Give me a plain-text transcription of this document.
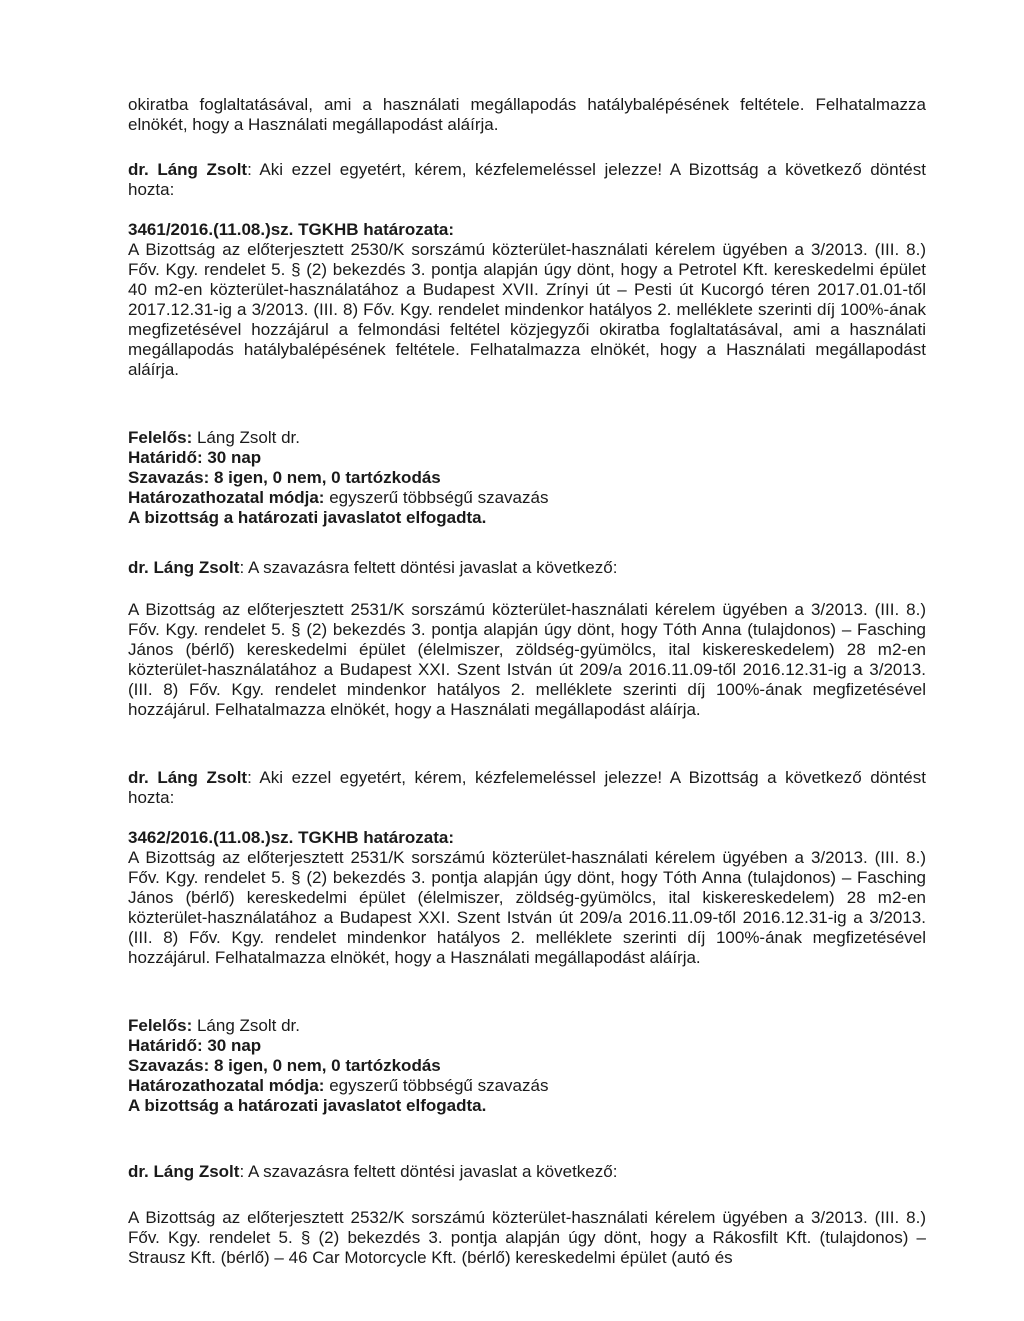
okiratba foglaltatásával, ami a használati megállapodás hatálybalépésének feltétele. Felhatalmazza elnökét, hogy a Használati megállapodást aláírja.

dr. Láng Zsolt: Aki ezzel egyetért, kérem, kézfelemeléssel jelezze! A Bizottság a következő döntést hozta:

3461/2016.(11.08.)sz. TGKHB határozata:

A Bizottság az előterjesztett 2530/K sorszámú közterület-használati kérelem ügyében a 3/2013. (III. 8.) Főv. Kgy. rendelet 5. § (2) bekezdés 3. pontja alapján úgy dönt, hogy a Petrotel Kft. kereskedelmi épület 40 m2-en közterület-használatához a Budapest XVII. Zrínyi út – Pesti út Kucorgó téren 2017.01.01-től 2017.12.31-ig a 3/2013. (III. 8) Főv. Kgy. rendelet mindenkor hatályos 2. melléklete szerinti díj 100%-ának megfizetésével hozzájárul a felmondási feltétel közjegyzői okiratba foglaltatásával, ami a használati megállapodás hatálybalépésének feltétele. Felhatalmazza elnökét, hogy a Használati megállapodást aláírja.

Felelős: Láng Zsolt dr.

Határidő: 30 nap

Szavazás: 8 igen, 0 nem, 0 tartózkodás

Határozathozatal módja: egyszerű többségű szavazás

A bizottság a határozati javaslatot elfogadta.

dr. Láng Zsolt: A szavazásra feltett döntési javaslat a következő:

A Bizottság az előterjesztett 2531/K sorszámú közterület-használati kérelem ügyében a 3/2013. (III. 8.) Főv. Kgy. rendelet 5. § (2) bekezdés 3. pontja alapján úgy dönt, hogy Tóth Anna (tulajdonos) – Fasching János (bérlő) kereskedelmi épület (élelmiszer, zöldség-gyümölcs, ital kiskereskedelem) 28 m2-en közterület-használatához a Budapest XXI. Szent István út 209/a 2016.11.09-től 2016.12.31-ig a 3/2013. (III. 8) Főv. Kgy. rendelet mindenkor hatályos 2. melléklete szerinti díj 100%-ának megfizetésével hozzájárul. Felhatalmazza elnökét, hogy a Használati megállapodást aláírja.

dr. Láng Zsolt: Aki ezzel egyetért, kérem, kézfelemeléssel jelezze! A Bizottság a következő döntést hozta:

3462/2016.(11.08.)sz. TGKHB határozata:

A Bizottság az előterjesztett 2531/K sorszámú közterület-használati kérelem ügyében a 3/2013. (III. 8.) Főv. Kgy. rendelet 5. § (2) bekezdés 3. pontja alapján úgy dönt, hogy Tóth Anna (tulajdonos) – Fasching János (bérlő) kereskedelmi épület (élelmiszer, zöldség-gyümölcs, ital kiskereskedelem) 28 m2-en közterület-használatához a Budapest XXI. Szent István út 209/a 2016.11.09-től 2016.12.31-ig a 3/2013. (III. 8) Főv. Kgy. rendelet mindenkor hatályos 2. melléklete szerinti díj 100%-ának megfizetésével hozzájárul. Felhatalmazza elnökét, hogy a Használati megállapodást aláírja.

Felelős: Láng Zsolt dr.

Határidő: 30 nap

Szavazás: 8 igen, 0 nem, 0 tartózkodás

Határozathozatal módja: egyszerű többségű szavazás

A bizottság a határozati javaslatot elfogadta.

dr. Láng Zsolt: A szavazásra feltett döntési javaslat a következő:

A Bizottság az előterjesztett 2532/K sorszámú közterület-használati kérelem ügyében a 3/2013. (III. 8.) Főv. Kgy. rendelet 5. § (2) bekezdés 3. pontja alapján úgy dönt, hogy a Rákosfilt Kft. (tulajdonos) – Strausz Kft. (bérlő) – 46 Car Motorcycle Kft. (bérlő) kereskedelmi épület (autó és
